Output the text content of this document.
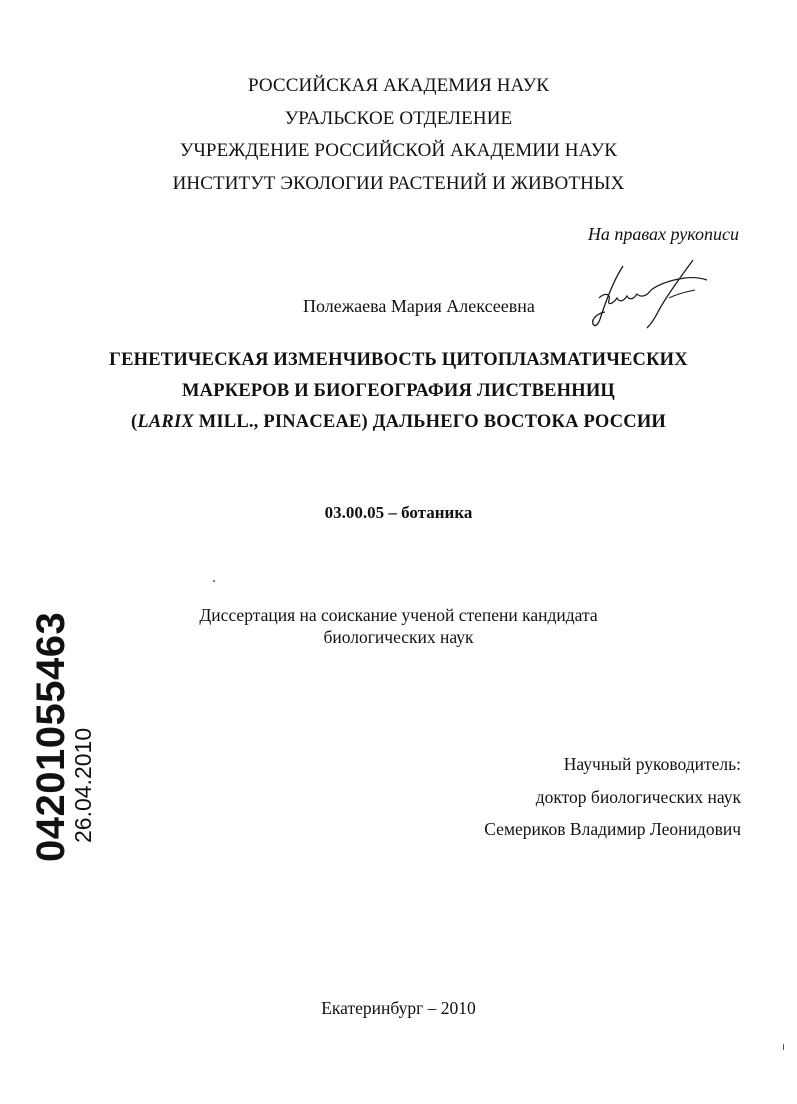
РОССИЙСКАЯ АКАДЕМИЯ НАУК
УРАЛЬСКОЕ ОТДЕЛЕНИЕ
УЧРЕЖДЕНИЕ РОССИЙСКОЙ АКАДЕМИИ НАУК
ИНСТИТУТ ЭКОЛОГИИ РАСТЕНИЙ И ЖИВОТНЫХ
На правах рукописи
Полежаева Мария Алексеевна
ГЕНЕТИЧЕСКАЯ ИЗМЕНЧИВОСТЬ ЦИТОПЛАЗМАТИЧЕСКИХ
МАРКЕРОВ И БИОГЕОГРАФИЯ ЛИСТВЕННИЦ
(LARIX MILL., PINACEAE) ДАЛЬНЕГО ВОСТОКА РОССИИ
03.00.05 – ботаника
Диссертация на соискание ученой степени кандидата
биологических наук
Научный руководитель:
доктор биологических наук
Семериков Владимир Леонидович
Екатеринбург – 2010
04201055463
26.04.2010
